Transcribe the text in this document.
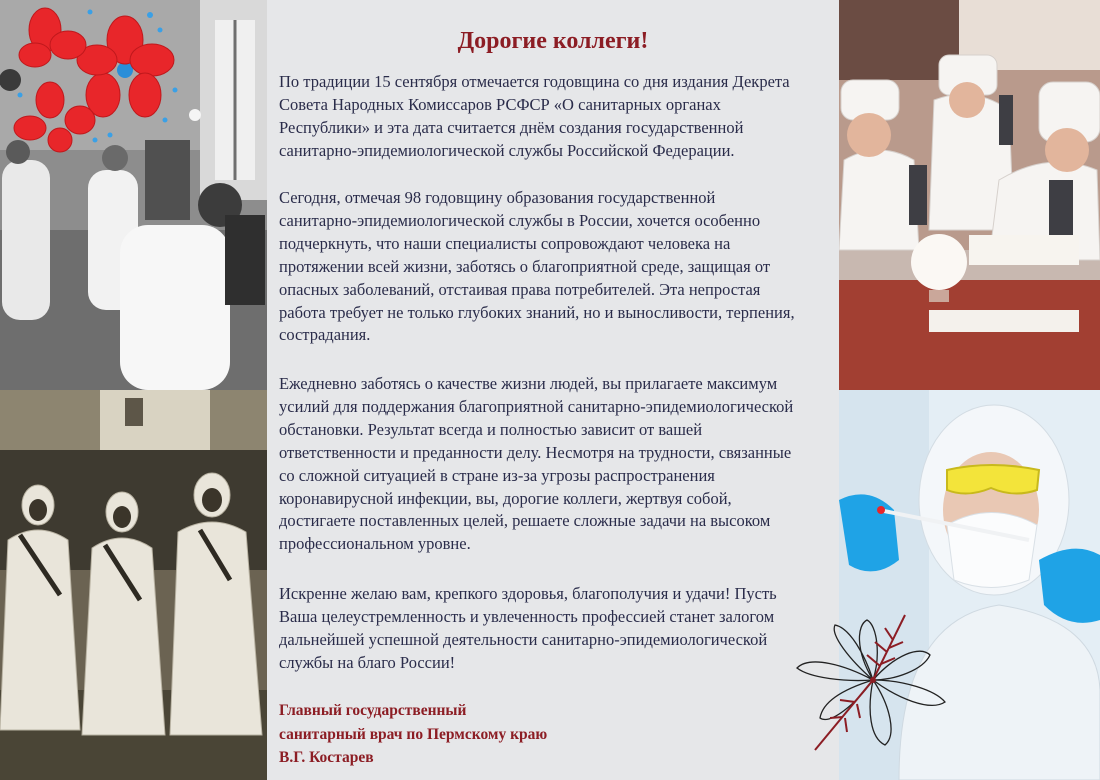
Дорогие коллеги!

По традиции 15 сентября отмечается годовщина со дня издания Декрета
Совета Народных Комиссаров РСФСР «О санитарных органах
Республики» и эта дата считается днём создания государственной
санитарно-эпидемиологической службы Российской Федерации.

Сегодня, отмечая 98 годовщину образования государственной
санитарно-эпидемиологической службы в России, хочется особенно
подчеркнуть, что наши специалисты сопровождают человека на
протяжении всей жизни, заботясь о благоприятной среде, защищая от
опасных заболеваний, отстаивая права потребителей. Эта непростая
работа требует не только глубоких знаний, но и выносливости, терпения,
сострадания.

Ежедневно заботясь о качестве жизни людей, вы прилагаете максимум
усилий для поддержания благоприятной санитарно-эпидемиологической
обстановки. Результат всегда и полностью зависит от вашей
ответственности и преданности делу. Несмотря на трудности, связанные
со сложной ситуацией в стране из-за угрозы распространения
коронавирусной инфекции, вы, дорогие коллеги, жертвуя собой,
достигаете поставленных целей, решаете сложные задачи на высоком
профессиональном уровне.

Искренне желаю вам, крепкого здоровья, благополучия и удачи! Пусть
Ваша целеустремленность и увлеченность профессией станет залогом
дальнейшей успешной деятельности санитарно-эпидемиологической
службы на благо России!

Главный государственный
санитарный врач по Пермскому краю
В.Г. Костарев
